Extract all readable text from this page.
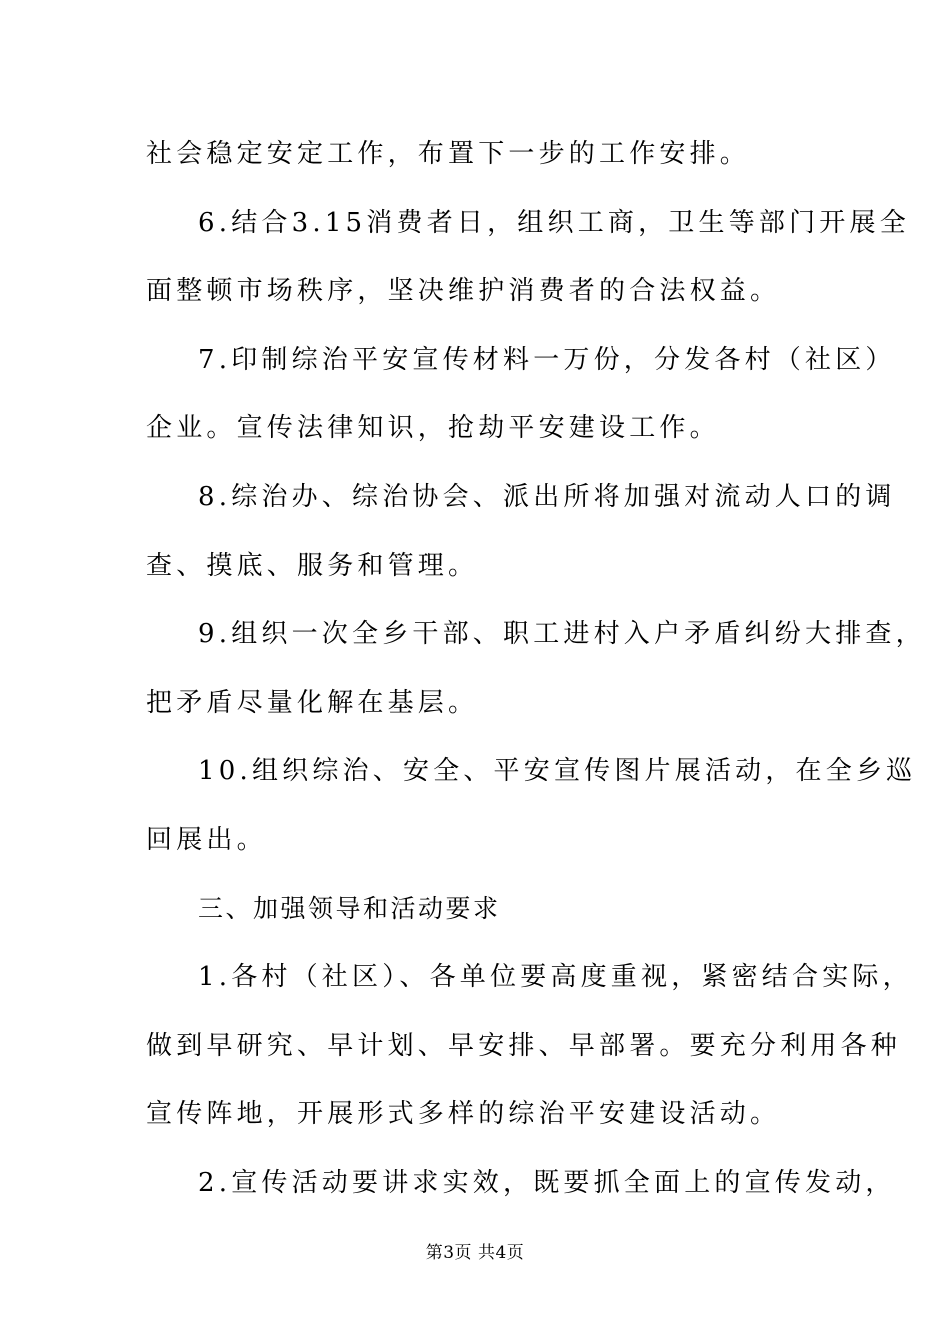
社会稳定安定工作，布置下一步的工作安排。
6.结合3.15消费者日，组织工商，卫生等部门开展全
面整顿市场秩序，坚决维护消费者的合法权益。
7.印制综治平安宣传材料一万份，分发各村（社区）
企业。宣传法律知识，抢劫平安建设工作。
8.综治办、综治协会、派出所将加强对流动人口的调
查、摸底、服务和管理。
9.组织一次全乡干部、职工进村入户矛盾纠纷大排查，
把矛盾尽量化解在基层。
10.组织综治、安全、平安宣传图片展活动，在全乡巡
回展出。
三、加强领导和活动要求
1.各村（社区）、各单位要高度重视，紧密结合实际，
做到早研究、早计划、早安排、早部署。要充分利用各种
宣传阵地，开展形式多样的综治平安建设活动。
2.宣传活动要讲求实效，既要抓全面上的宣传发动，
第3页 共4页
